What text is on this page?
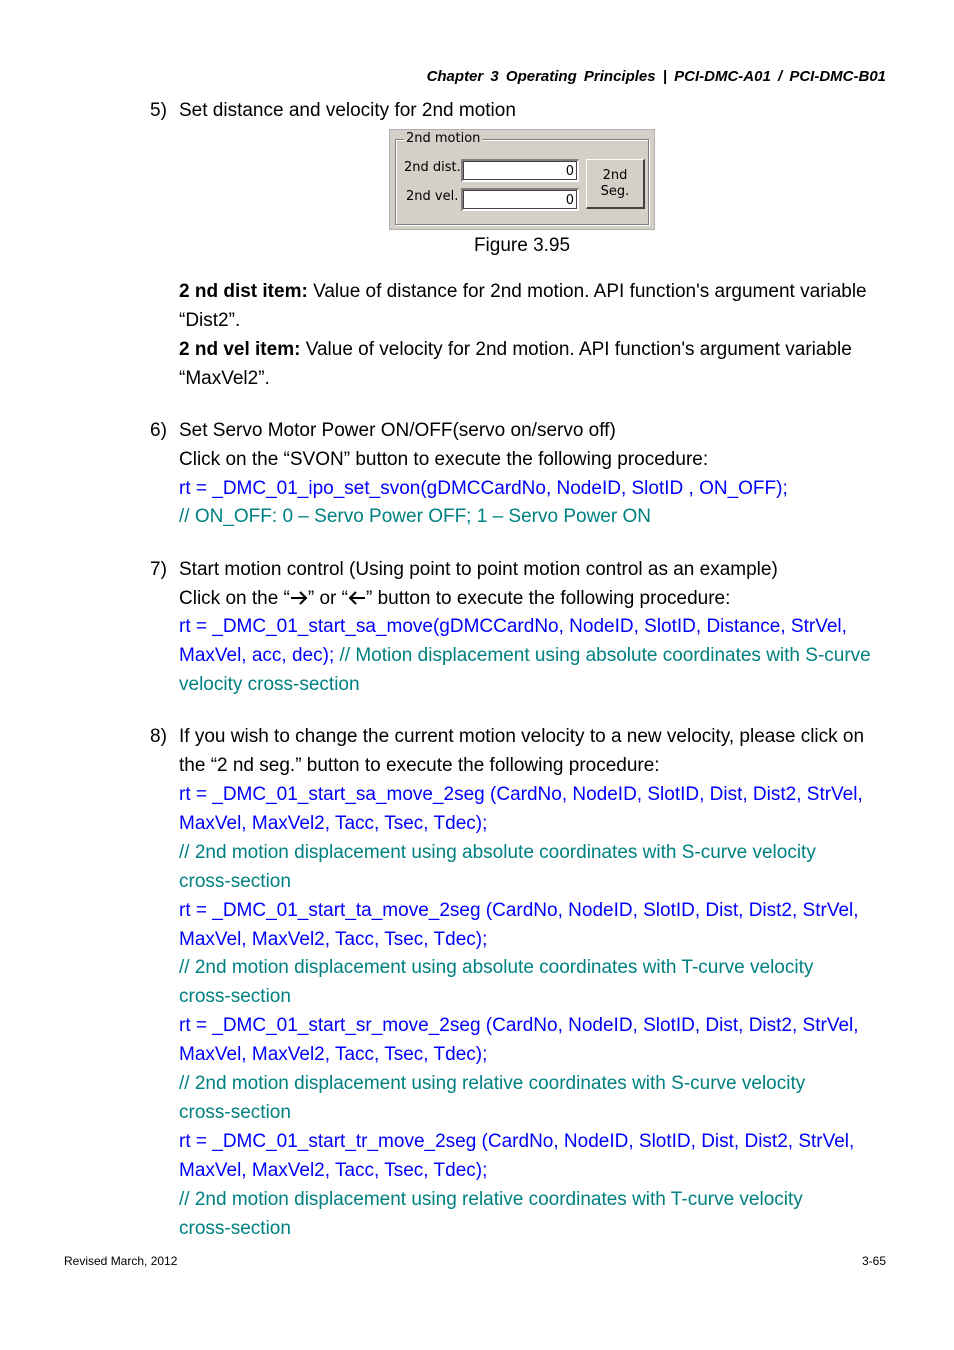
Chapter 3 Operating Principles | PCI-DMC-A01 / PCI-DMC-B01
5) Set distance and velocity for 2nd motion
2nd motion
2nd dist.	0
2nd vel.	0
2nd
Seg.
Figure 3.95
2 nd dist item: Value of distance for 2nd motion. API function's argument variable
“Dist2”.
2 nd vel item: Value of velocity for 2nd motion. API function's argument variable
“MaxVel2”.
6) Set Servo Motor Power ON/OFF(servo on/servo off)
Click on the “SVON” button to execute the following procedure:
rt = _DMC_01_ipo_set_svon(gDMCCardNo, NodeID, SlotID , ON_OFF);
// ON_OFF: 0 – Servo Power OFF; 1 – Servo Power ON
7) Start motion control (Using point to point motion control as an example)
Click on the “ ” or “ ” button to execute the following procedure:
rt = _DMC_01_start_sa_move(gDMCCardNo, NodeID, SlotID, Distance, StrVel,
MaxVel, acc, dec); // Motion displacement using absolute coordinates with S-curve
velocity cross-section
8) If you wish to change the current motion velocity to a new velocity, please click on
the “2 nd seg.” button to execute the following procedure:
rt = _DMC_01_start_sa_move_2seg (CardNo, NodeID, SlotID, Dist, Dist2, StrVel,
MaxVel, MaxVel2, Tacc, Tsec, Tdec);
// 2nd motion displacement using absolute coordinates with S-curve velocity
cross-section
rt = _DMC_01_start_ta_move_2seg (CardNo, NodeID, SlotID, Dist, Dist2, StrVel,
MaxVel, MaxVel2, Tacc, Tsec, Tdec);
// 2nd motion displacement using absolute coordinates with T-curve velocity
cross-section
rt = _DMC_01_start_sr_move_2seg (CardNo, NodeID, SlotID, Dist, Dist2, StrVel,
MaxVel, MaxVel2, Tacc, Tsec, Tdec);
// 2nd motion displacement using relative coordinates with S-curve velocity
cross-section
rt = _DMC_01_start_tr_move_2seg (CardNo, NodeID, SlotID, Dist, Dist2, StrVel,
MaxVel, MaxVel2, Tacc, Tsec, Tdec);
// 2nd motion displacement using relative coordinates with T-curve velocity
cross-section
Revised March, 2012	3-65
